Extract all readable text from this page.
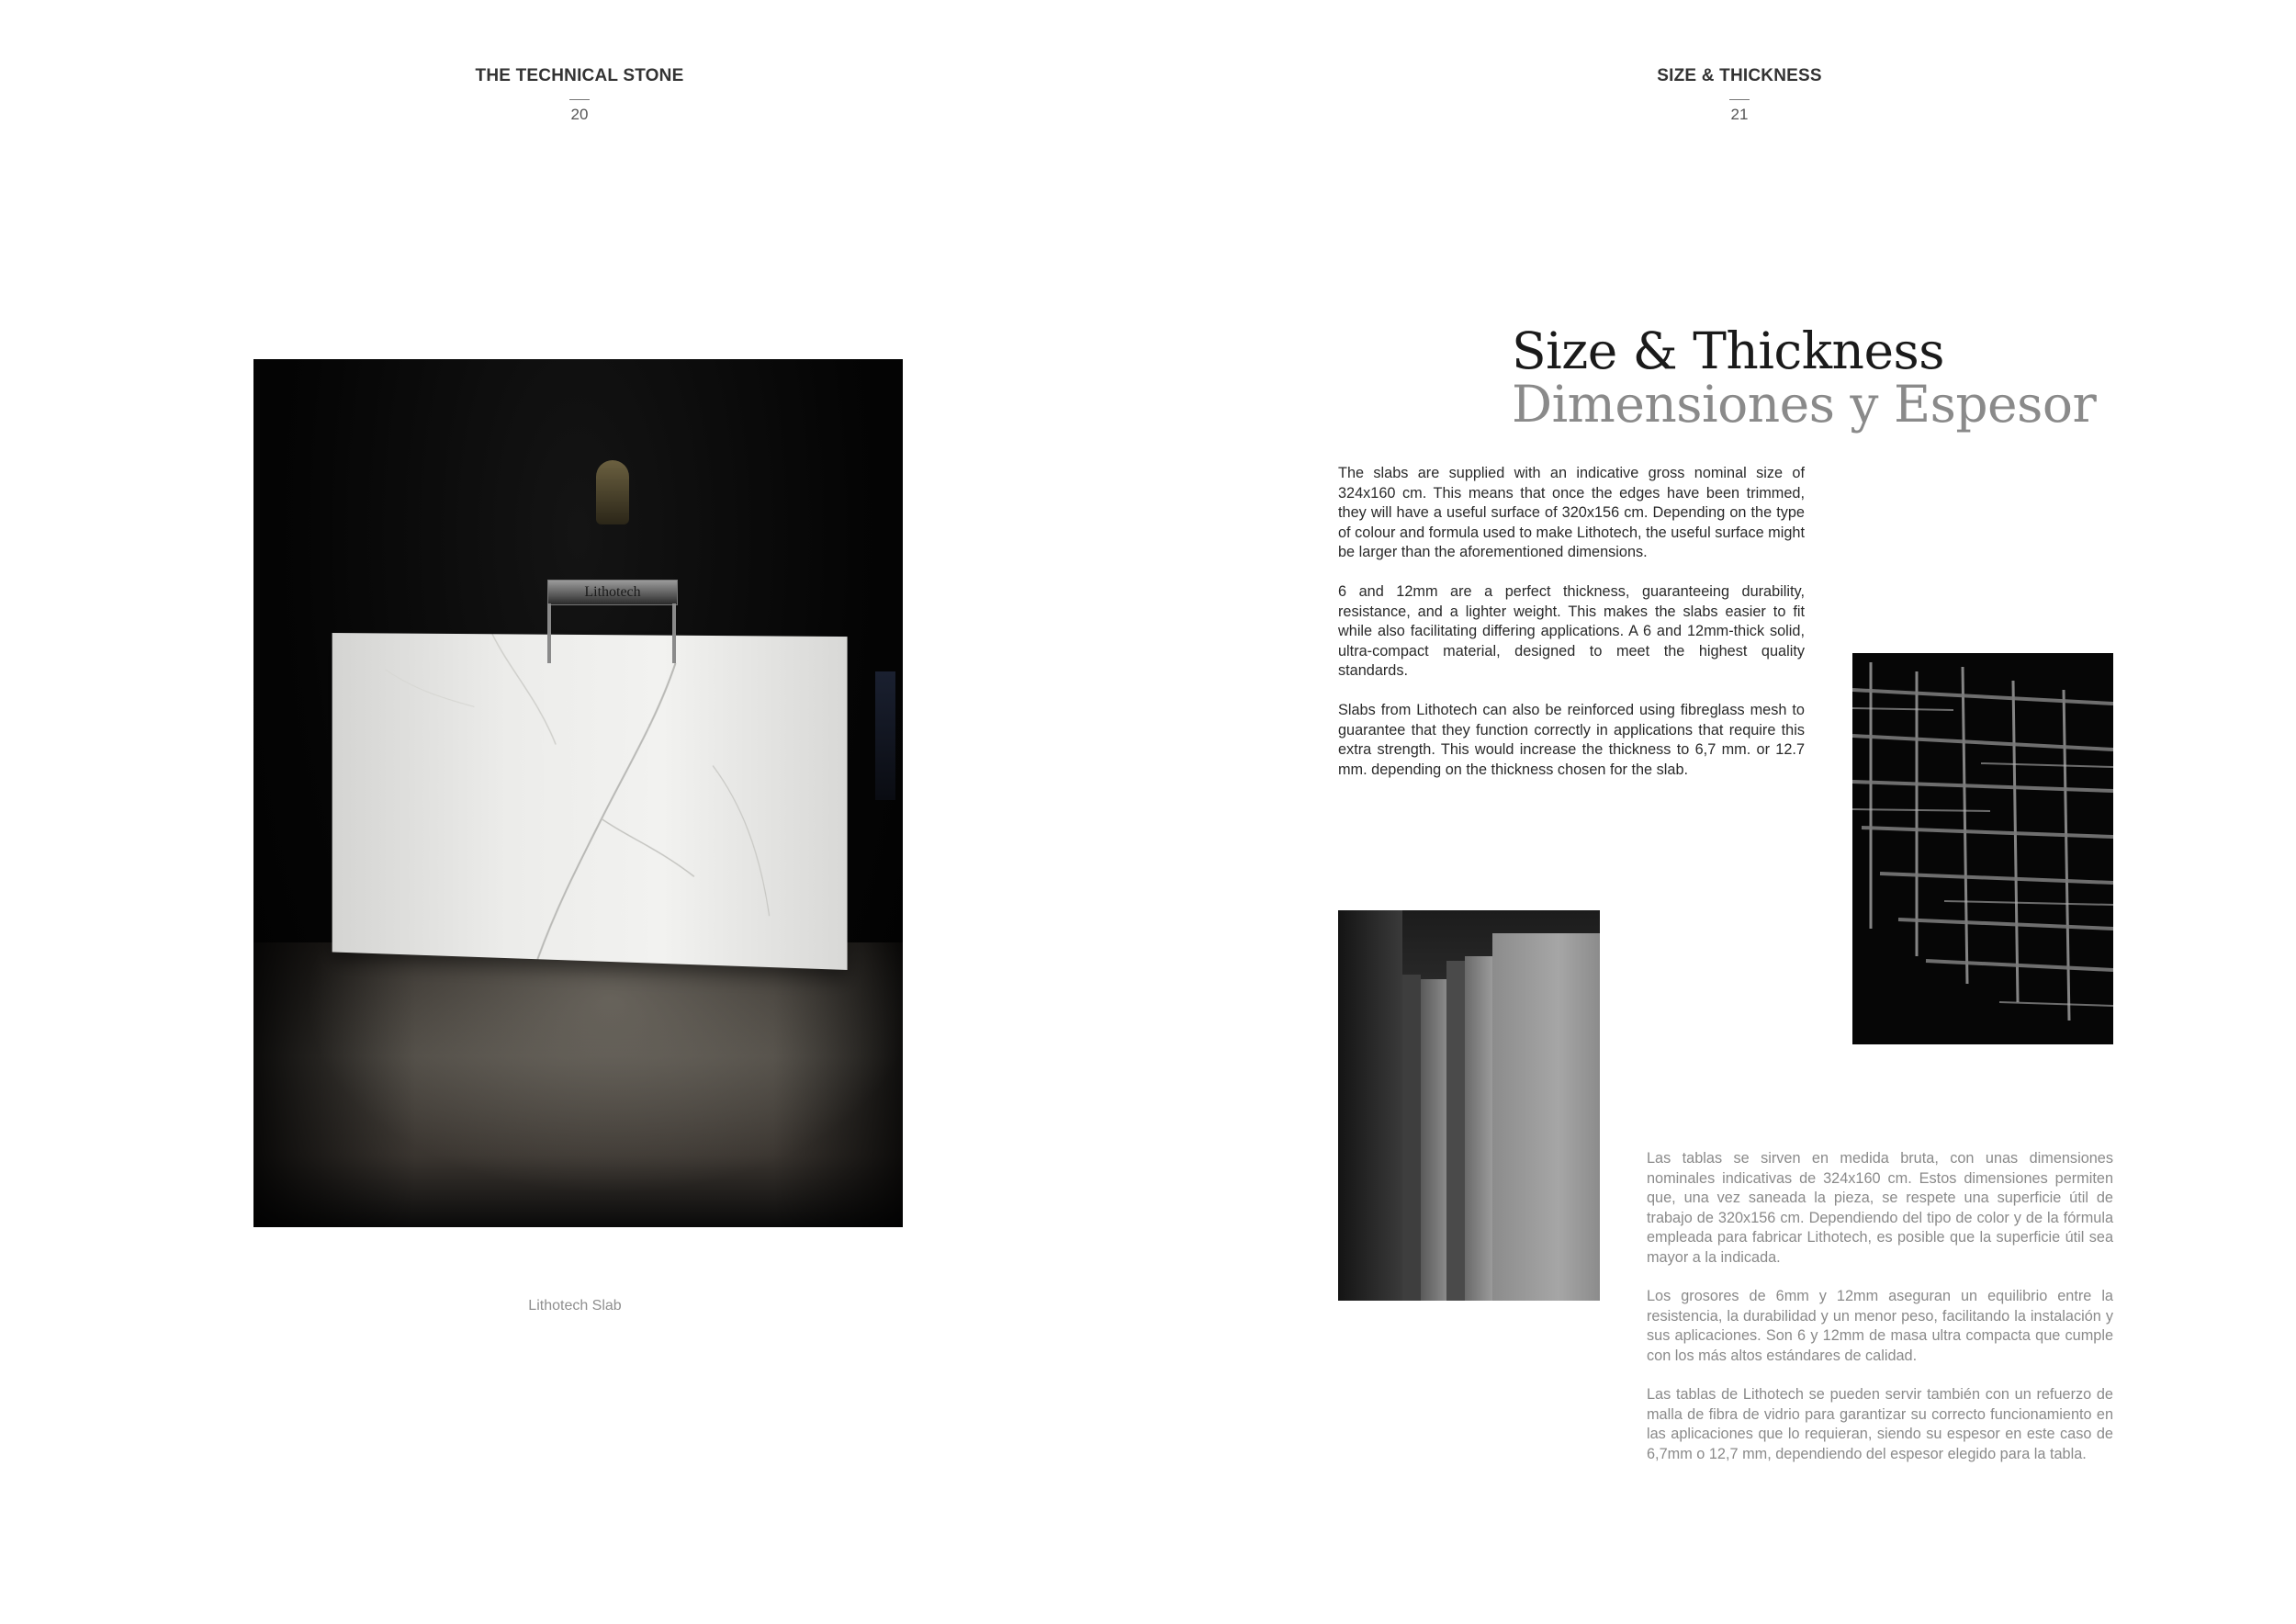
THE TECHNICAL STONE
20
SIZE & THICKNESS
21
Lithotech
Lithotech Slab
Size & Thickness
Dimensiones y Espesor

The slabs are supplied with an indicative gross nominal size of 324x160 cm. This means that once the edges have been trimmed, they will have a useful surface of 320x156 cm. Depending on the type of colour and formula used to make Lithotech, the useful surface might be larger than the aforementioned dimensions.

6 and 12mm are a perfect thickness, guaranteeing durability, resistance, and a lighter weight. This makes the slabs easier to fit while also facilitating differing applications. A 6 and 12mm-thick solid, ultra-compact material, designed to meet the highest quality standards.

Slabs from Lithotech can also be reinforced using fibreglass mesh to guarantee that they function correctly in applications that require this extra strength. This would increase the thickness to 6,7 mm. or 12.7 mm. depending on the thickness chosen for the slab.

Las tablas se sirven en medida bruta, con unas dimensiones nominales indicativas de 324x160 cm. Estos dimensiones permiten que, una vez saneada la pieza, se respete una superficie útil de trabajo de 320x156 cm. Dependiendo del tipo de color y de la fórmula empleada para fabricar Lithotech, es posible que la superficie útil sea mayor a la indicada.

Los grosores de 6mm y 12mm aseguran un equilibrio entre la resistencia, la durabilidad y un menor peso, facilitando la instalación y sus aplicaciones. Son 6 y 12mm de masa ultra compacta que cumple con los más altos estándares de calidad.

Las tablas de Lithotech se pueden servir también con un refuerzo de malla de fibra de vidrio para garantizar su correcto funcionamiento en las aplicaciones que lo requieran, siendo su espesor en este caso de 6,7mm o 12,7 mm, dependiendo del espesor elegido para la tabla.
